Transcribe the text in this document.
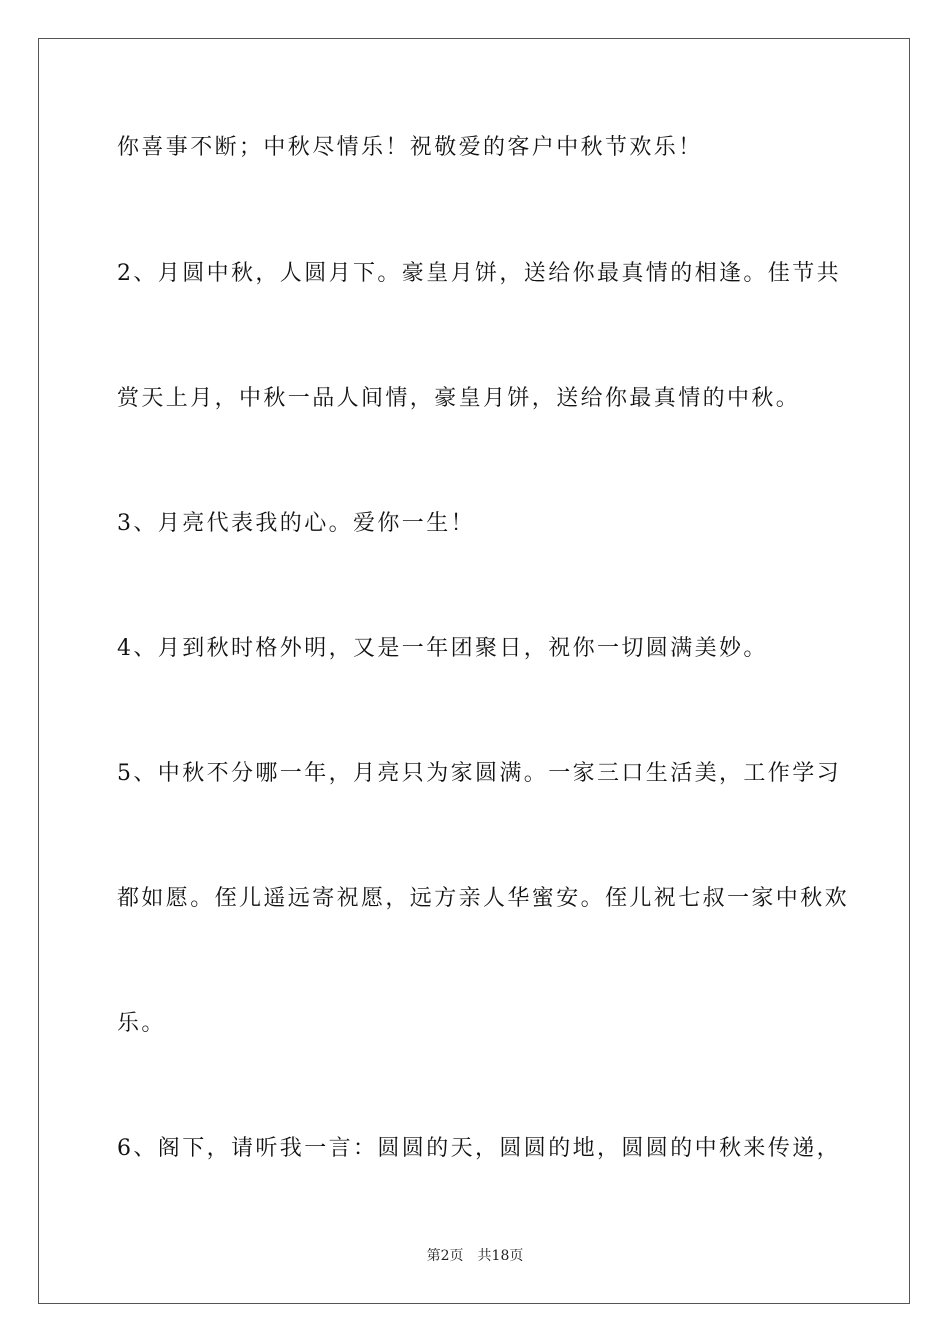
你喜事不断；中秋尽情乐！祝敬爱的客户中秋节欢乐！
2、月圆中秋，人圆月下。豪皇月饼，送给你最真情的相逢。佳节共
赏天上月，中秋一品人间情，豪皇月饼，送给你最真情的中秋。
3、月亮代表我的心。爱你一生！
4、月到秋时格外明，又是一年团聚日，祝你一切圆满美妙。
5、中秋不分哪一年，月亮只为家圆满。一家三口生活美，工作学习
都如愿。侄儿遥远寄祝愿，远方亲人华蜜安。侄儿祝七叔一家中秋欢
乐。
6、阁下，请听我一言：圆圆的天，圆圆的地，圆圆的中秋来传递，
第2页 共18页
